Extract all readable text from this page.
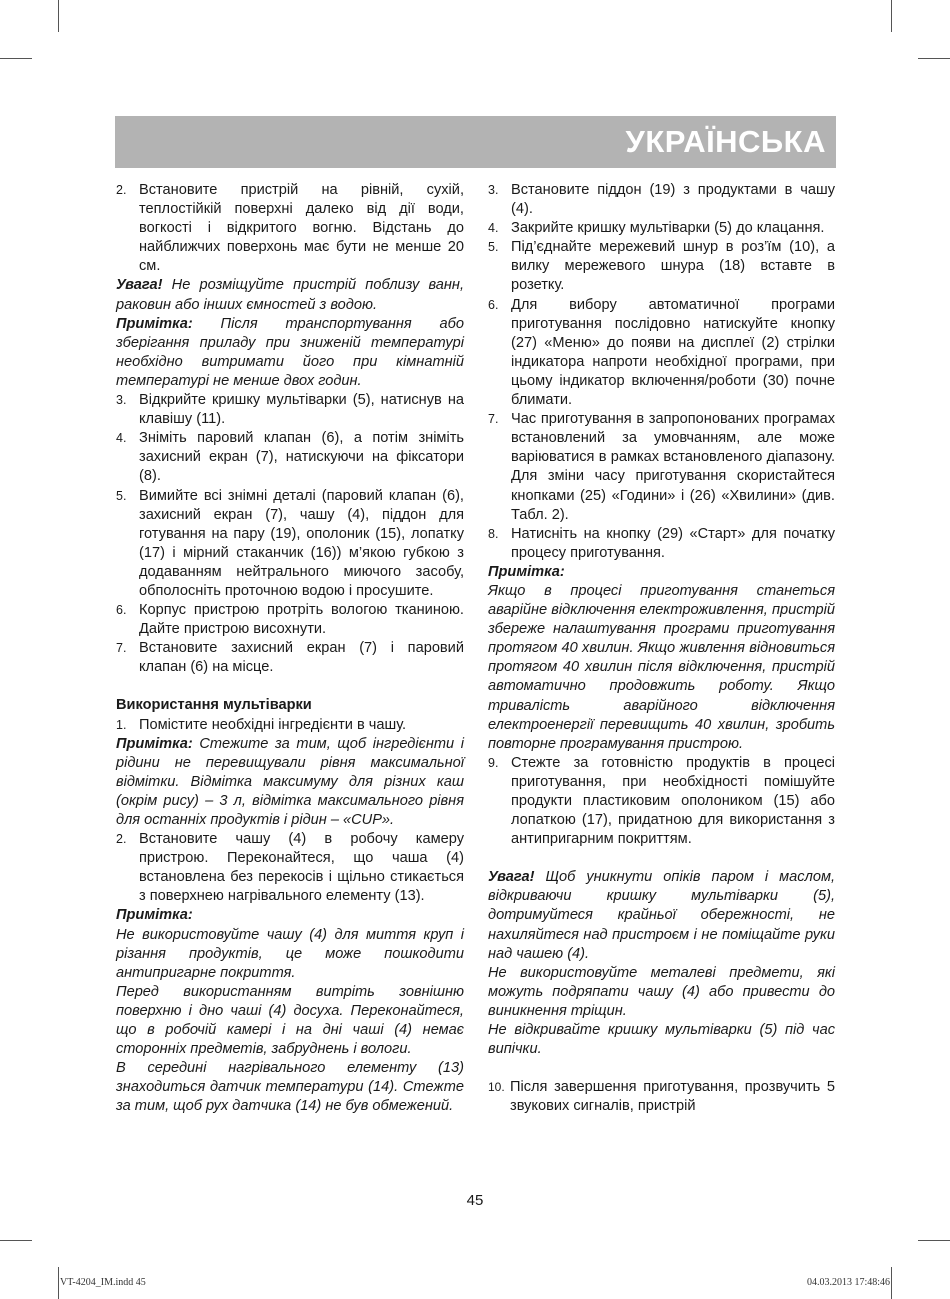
УКРАЇНСЬКА
2. Встановите пристрій на рівній, сухій, теплостійкій поверхні далеко від дії води, вогкості і відкритого вогню. Відстань до найближчих поверхонь має бути не менше 20 см.

Увага! Не розміщуйте пристрій поблизу ванн, раковин або інших ємностей з водою.

Примітка: Після транспортування або зберігання приладу при зниженій температурі необхідно витримати його при кімнатній температурі не менше двох годин.

3. Відкрийте кришку мультіварки (5), натиснув на клавішу (11).
4. Зніміть паровий клапан (6), а потім зніміть захисний екран (7), натискуючи на фіксатори (8).
5. Вимийте всі знімні деталі (паровий клапан (6), захисний екран (7), чашу (4), піддон для готування на пару (19), ополоник (15), лопатку (17) і мірний стаканчик (16)) м’якою губкою з додаванням нейтрального миючого засобу, обполосніть проточною водою і просушите.
6. Корпус пристрою протріть вологою тканиною. Дайте пристрою висохнути.
7. Встановите захисний екран (7) і паровий клапан (6) на місце.

Використання мультіварки

1. Помістите необхідні інгредієнти в чашу.

Примітка: Стежите за тим, щоб інгредієнти і рідини не перевищували рівня максимальної відмітки. Відмітка максимуму для різних каш (окрім рису) – 3 л, відмітка максимального рівня для останніх продуктів і рідин – «CUP».

2. Встановите чашу (4) в робочу камеру пристрою. Переконайтеся, що чаша (4) встановлена без перекосів і щільно стикається з поверхнею нагрівального елементу (13).

Примітка:

Не використовуйте чашу (4) для миття круп і різання продуктів, це може пошкодити антипригарне покриття.

Перед використанням витріть зовнішню поверхню і дно чаші (4) досуха. Переконайтеся, що в робочій камері і на дні чаші (4) немає сторонніх предметів, забруднень і вологи.

В середині нагрівального елементу (13) знаходиться датчик температури (14). Стежте за тим, щоб рух датчика (14) не був обмежений.

3. Встановите піддон (19) з продуктами в чашу (4).
4. Закрийте кришку мультіварки (5) до клацання.
5. Під’єднайте мережевий шнур в роз’їм (10), а вилку мережевого шнура (18) вставте в розетку.
6. Для вибору автоматичної програми приготування послідовно натискуйте кнопку (27) «Меню» до появи на дисплеї (2) стрілки індикатора напроти необхідної програми, при цьому індикатор включення/роботи (30) почне блимати.
7. Час приготування в запропонованих програмах встановлений за умовчанням, але може варіюватися в рамках встановленого діапазону. Для зміни часу приготування скористайтеся кнопками (25) «Години» і (26) «Хвилини» (див. Табл. 2).
8. Натисніть на кнопку (29) «Старт» для початку процесу приготування.

Примітка:

Якщо в процесі приготування станеться аварійне відключення електроживлення, пристрій збереже налаштування програми приготування протягом 40 хвилин. Якщо живлення відновиться протягом 40 хвилин після відключення, пристрій автоматично продовжить роботу. Якщо тривалість аварійного відключення електроенергії перевищить 40 хвилин, зробить повторне програмування пристрою.

9. Стежте за готовністю продуктів в процесі приготування, при необхідності помішуйте продукти пластиковим ополоником (15) або лопаткою (17), придатною для використання з антипригарним покриттям.

Увага! Щоб уникнути опіків паром і маслом, відкриваючи кришку мультіварки (5), дотримуйтеся крайньої обережності, не нахиляйтеся над пристроєм і не поміщайте руки над чашею (4).

Не використовуйте металеві предмети, які можуть подряпати чашу (4) або привести до виникнення тріщин.

Не відкривайте кришку мультіварки (5) під час випічки.

10. Після завершення приготування, прозвучить 5 звукових сигналів, пристрій
45
VT-4204_IM.indd 45	04.03.2013 17:48:46
